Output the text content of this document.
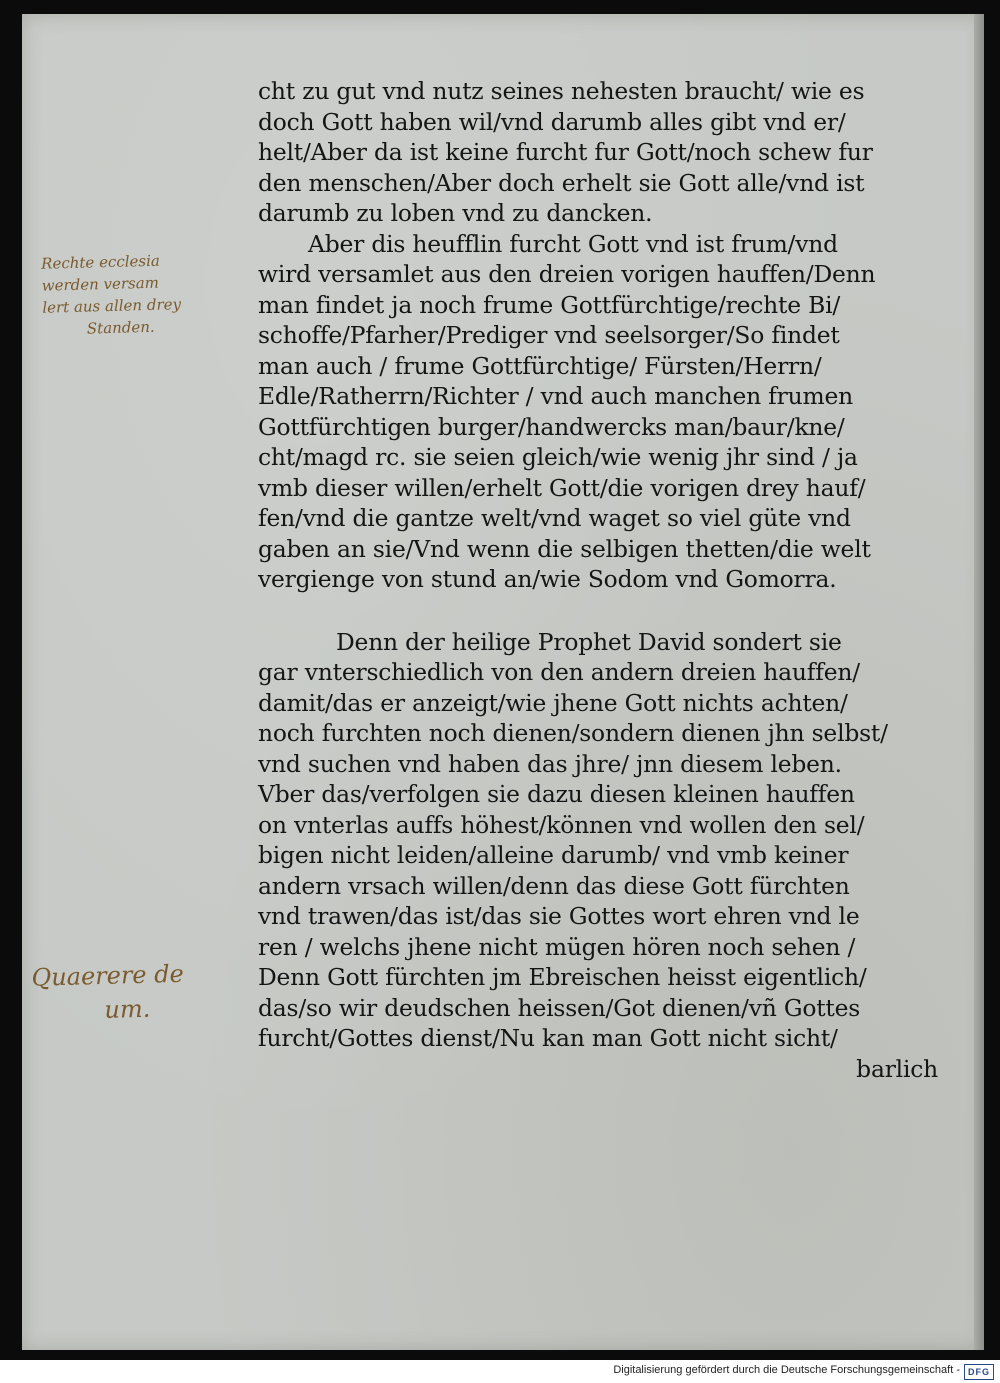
Rechte ecclesia
werden versam
lert aus allen drey
Standen.
Quaerere de
um.
cht zu gut vnd nutz seines nehesten braucht/ wie es
doch Gott haben wil/vnd darumb alles gibt vnd er/
helt/Aber da ist keine furcht fur Gott/noch schew fur
den menschen/Aber doch erhelt sie Gott alle/vnd ist
darumb zu loben vnd zu dancken.
Aber dis heufflin furcht Gott vnd ist frum/vnd
wird versamlet aus den dreien vorigen hauffen/Denn
man findet ja noch frume Gottfürchtige/rechte Bi/
schoffe/Pfarher/Prediger vnd seelsorger/So findet
man auch / frume Gottfürchtige/ Fürsten/Herrn/
Edle/Ratherrn/Richter / vnd auch manchen frumen
Gottfürchtigen burger/handwercks man/baur/kne/
cht/magd rc. sie seien gleich/wie wenig jhr sind / ja
vmb dieser willen/erhelt Gott/die vorigen drey hauf/
fen/vnd die gantze welt/vnd waget so viel güte vnd
gaben an sie/Vnd wenn die selbigen thetten/die welt
vergienge von stund an/wie Sodom vnd Gomorra.
Denn der heilige Prophet David sondert sie
gar vnterschiedlich von den andern dreien hauffen/
damit/das er anzeigt/wie jhene Gott nichts achten/
noch furchten noch dienen/sondern dienen jhn selbst/
vnd suchen vnd haben das jhre/ jnn diesem leben.
Vber das/verfolgen sie dazu diesen kleinen hauffen
on vnterlas auffs höhest/können vnd wollen den sel/
bigen nicht leiden/alleine darumb/ vnd vmb keiner
andern vrsach willen/denn das diese Gott fürchten
vnd trawen/das ist/das sie Gottes wort ehren vnd le
ren / welchs jhene nicht mügen hören noch sehen /
Denn Gott fürchten jm Ebreischen heisst eigentlich/
das/so wir deudschen heissen/Got dienen/vñ Gottes
furcht/Gottes dienst/Nu kan man Gott nicht sicht/
barlich
Digitalisierung gefördert durch die Deutsche Forschungsgemeinschaft - DFG
